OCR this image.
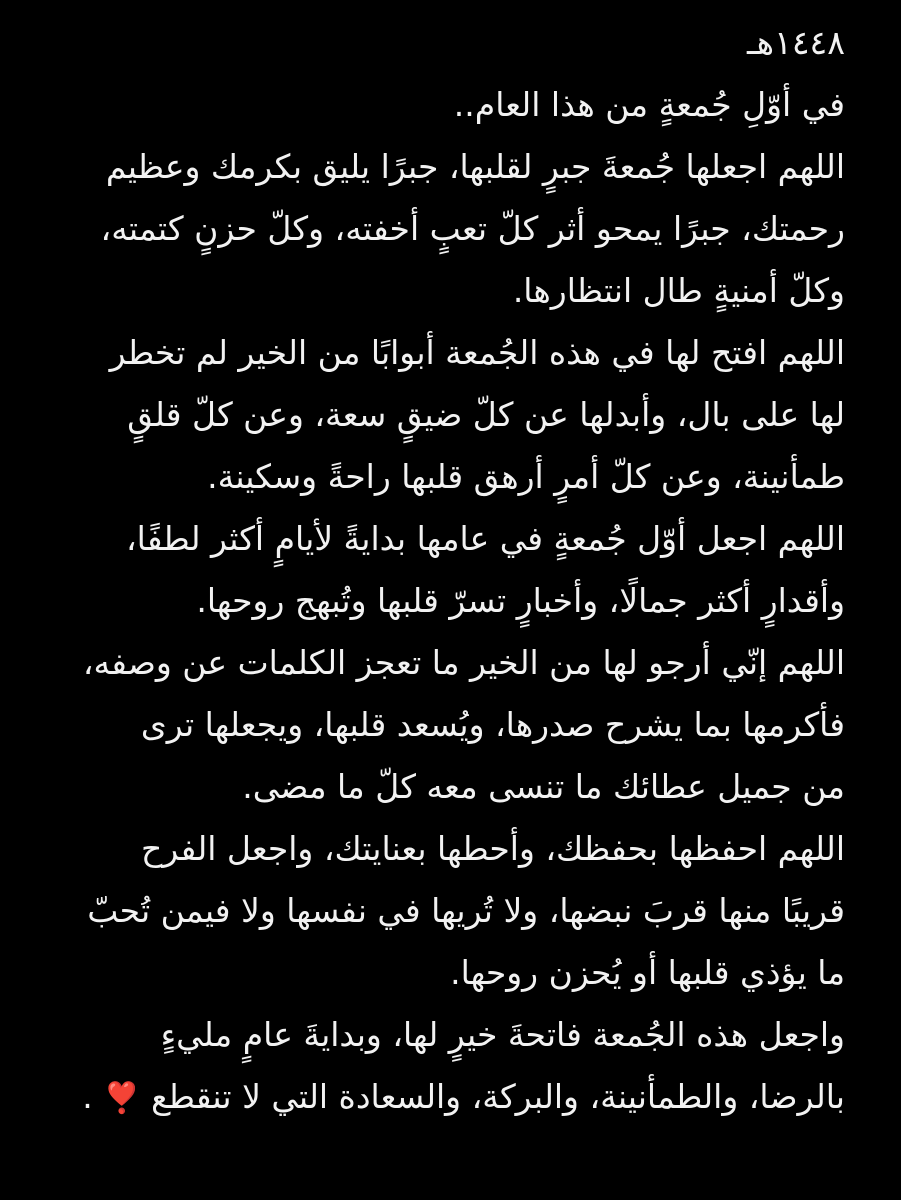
١٤٤٨هـ
في أوّلِ جُمعةٍ من هذا العام..
اللهم اجعلها جُمعةَ جبرٍ لقلبها، جبرًا يليق بكرمك وعظيم
رحمتك، جبرًا يمحو أثر كلّ تعبٍ أخفته، وكلّ حزنٍ كتمته،
وكلّ أمنيةٍ طال انتظارها.
اللهم افتح لها في هذه الجُمعة أبوابًا من الخير لم تخطر
لها على بال، وأبدلها عن كلّ ضيقٍ سعة، وعن كلّ قلقٍ
طمأنينة، وعن كلّ أمرٍ أرهق قلبها راحةً وسكينة.
اللهم اجعل أوّل جُمعةٍ في عامها بدايةً لأيامٍ أكثر لطفًا،
وأقدارٍ أكثر جمالًا، وأخبارٍ تسرّ قلبها وتُبهج روحها.
اللهم إنّي أرجو لها من الخير ما تعجز الكلمات عن وصفه،
فأكرمها بما يشرح صدرها، ويُسعد قلبها، ويجعلها ترى
من جميل عطائك ما تنسى معه كلّ ما مضى.
اللهم احفظها بحفظك، وأحطها بعنايتك، واجعل الفرح
قريبًا منها قربَ نبضها، ولا تُريها في نفسها ولا فيمن تُحبّ
ما يؤذي قلبها أو يُحزن روحها.
واجعل هذه الجُمعة فاتحةَ خيرٍ لها، وبدايةَ عامٍ مليءٍ
بالرضا، والطمأنينة، والبركة، والسعادة التي لا تنقطع ❣️ .
